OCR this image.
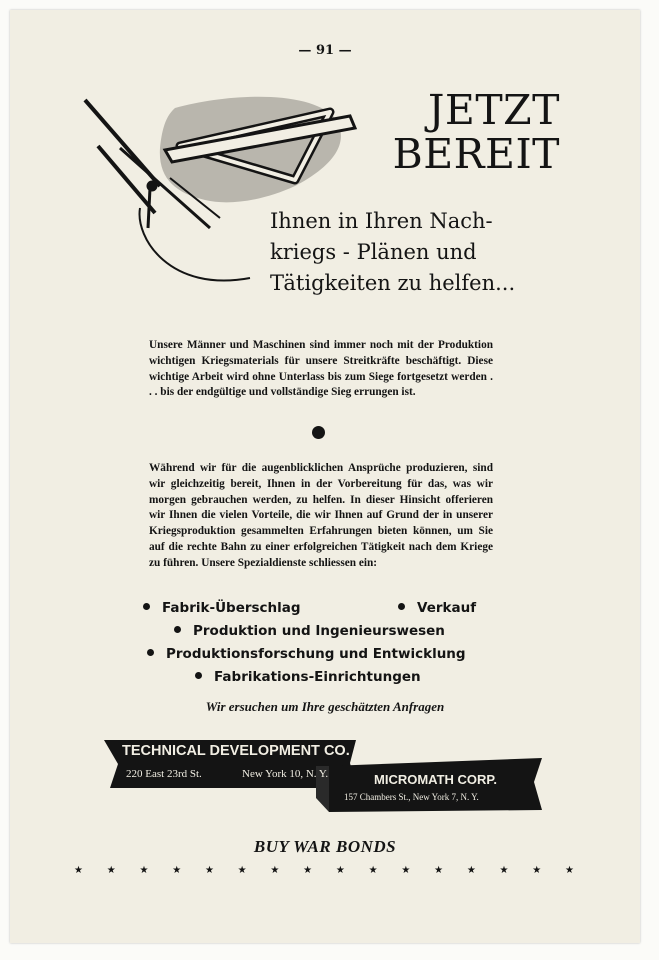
— 91 —
JETZT
BEREIT
Ihnen in Ihren Nach-
kriegs - Plänen und
Tätigkeiten zu helfen...
Unsere Männer und Maschinen sind immer noch mit der Produktion wichtigen Kriegsmaterials für unsere Streitkräfte beschäftigt. Diese wichtige Arbeit wird ohne Unterlass bis zum Siege fortgesetzt werden . . . bis der endgültige und vollständige Sieg errungen ist.
Während wir für die augenblicklichen Ansprüche produzieren, sind wir gleichzeitig bereit, Ihnen in der Vorbereitung für das, was wir morgen gebrauchen werden, zu helfen. In dieser Hinsicht offerieren wir Ihnen die vielen Vorteile, die wir Ihnen auf Grund der in unserer Kriegsproduktion gesammelten Erfahrungen bieten können, um Sie auf die rechte Bahn zu einer erfolgreichen Tätigkeit nach dem Kriege zu führen. Unsere Spezialdienste schliessen ein:
Fabrik-Überschlag	Verkauf
Produktion und Ingenieurswesen
Produktionsforschung und Entwicklung
Fabrikations-Einrichtungen
Wir ersuchen um Ihre geschätzten Anfragen
TECHNICAL DEVELOPMENT CO. INC
220 East 23rd St.	New York 10, N. Y.	MICROMATH CORP.
157 Chambers St., New York 7, N. Y.
BUY WAR BONDS
★ ★ ★ ★ ★ ★ ★ ★ ★ ★ ★ ★ ★ ★ ★ ★
